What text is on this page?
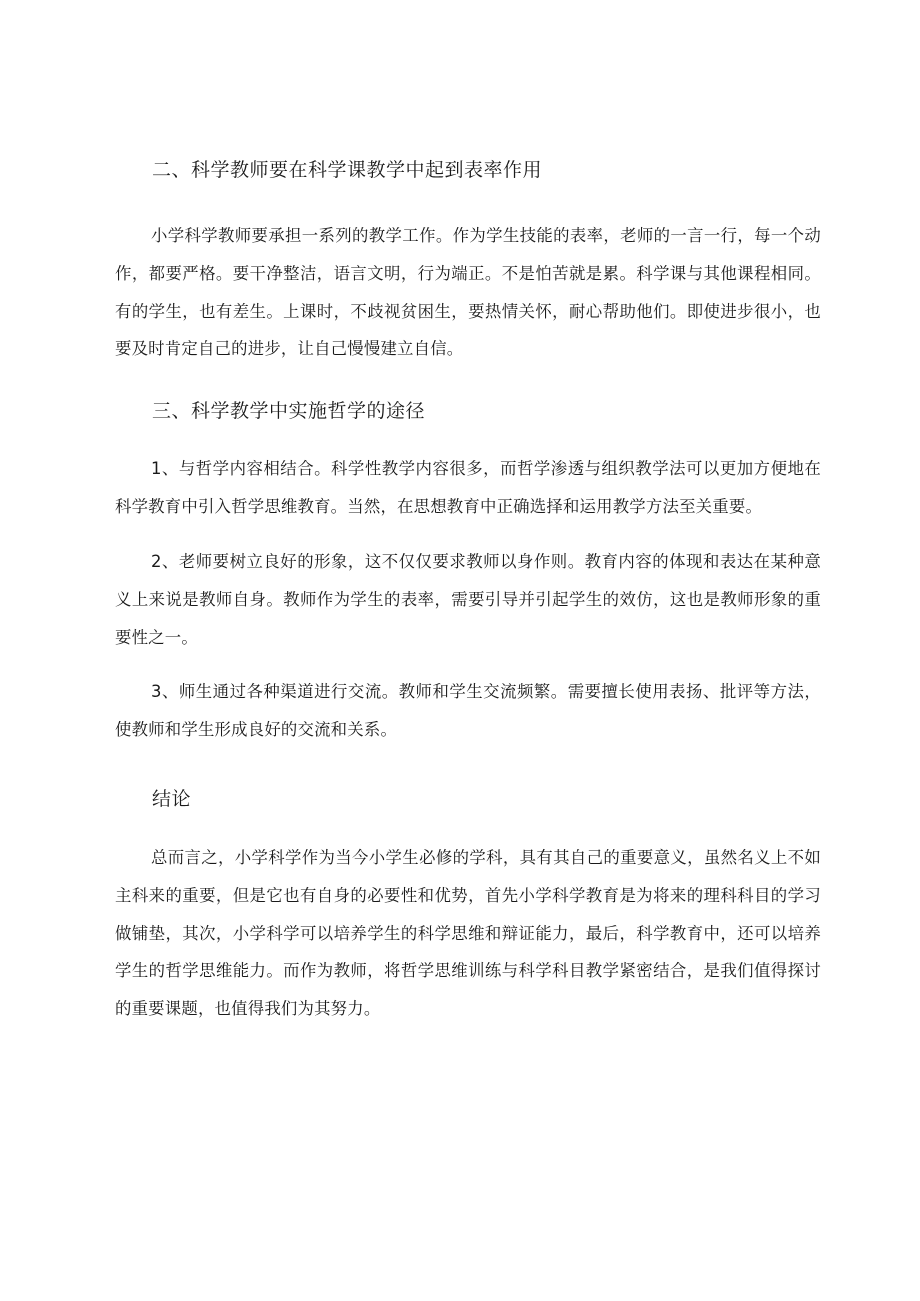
二、科学教师要在科学课教学中起到表率作用

小学科学教师要承担一系列的教学工作。作为学生技能的表率，老师的一言一行，每一个动作，都要严格。要干净整洁，语言文明，行为端正。不是怕苦就是累。科学课与其他课程相同。有的学生，也有差生。上课时，不歧视贫困生，要热情关怀，耐心帮助他们。即使进步很小，也要及时肯定自己的进步，让自己慢慢建立自信。

三、科学教学中实施哲学的途径

1、与哲学内容相结合。科学性教学内容很多，而哲学渗透与组织教学法可以更加方便地在科学教育中引入哲学思维教育。当然，在思想教育中正确选择和运用教学方法至关重要。

2、老师要树立良好的形象，这不仅仅要求教师以身作则。教育内容的体现和表达在某种意义上来说是教师自身。教师作为学生的表率，需要引导并引起学生的效仿，这也是教师形象的重要性之一。

3、师生通过各种渠道进行交流。教师和学生交流频繁。需要擅长使用表扬、批评等方法，使教师和学生形成良好的交流和关系。

结论

总而言之，小学科学作为当今小学生必修的学科，具有其自己的重要意义，虽然名义上不如主科来的重要，但是它也有自身的必要性和优势，首先小学科学教育是为将来的理科科目的学习做铺垫，其次，小学科学可以培养学生的科学思维和辩证能力，最后，科学教育中，还可以培养学生的哲学思维能力。而作为教师，将哲学思维训练与科学科目教学紧密结合，是我们值得探讨的重要课题，也值得我们为其努力。
